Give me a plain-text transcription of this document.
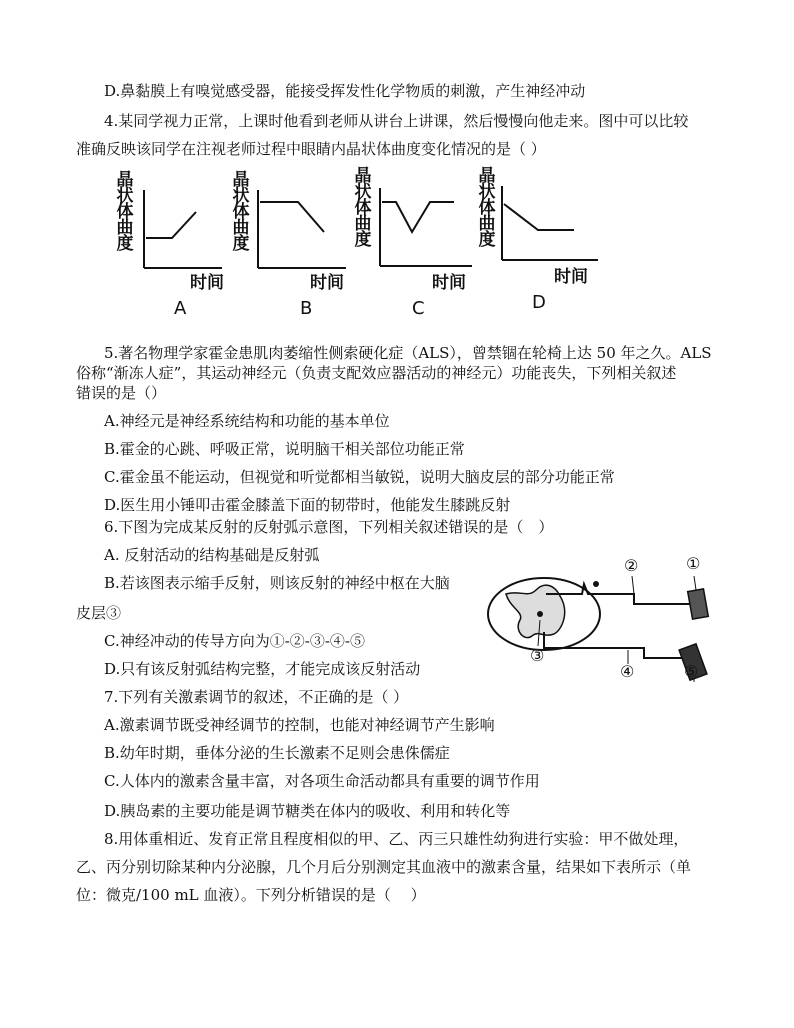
D.鼻黏膜上有嗅觉感受器，能接受挥发性化学物质的刺激，产生神经冲动
4.某同学视力正常，上课时他看到老师从讲台上讲课，然后慢慢向他走来。图中可以比较
准确反映该同学在注视老师过程中眼睛内晶状体曲度变化情况的是（ ）
晶
状
体
曲
度
时间
A
晶
状
体
曲
度
时间
B
晶
状
体
曲
度
时间
C
晶
状
体
曲
度
时间
D
5.著名物理学家霍金患肌肉萎缩性侧索硬化症（ALS），曾禁锢在轮椅上达 50 年之久。ALS
俗称“渐冻人症”，其运动神经元（负责支配效应器活动的神经元）功能丧失，下列相关叙述
错误的是（）
A.神经元是神经系统结构和功能的基本单位
B.霍金的心跳、呼吸正常，说明脑干相关部位功能正常
C.霍金虽不能运动，但视觉和听觉都相当敏锐，说明大脑皮层的部分功能正常
D.医生用小锤叩击霍金膝盖下面的韧带时，他能发生膝跳反射
6.下图为完成某反射的反射弧示意图，下列相关叙述错误的是（　）
A. 反射活动的结构基础是反射弧
B.若该图表示缩手反射，则该反射的神经中枢在大脑
皮层③
C.神经冲动的传导方向为①-②-③-④-⑤
D.只有该反射弧结构完整，才能完成该反射活动
①
②
③
④	⑤
7.下列有关激素调节的叙述，不正确的是（ ）
A.激素调节既受神经调节的控制，也能对神经调节产生影响
B.幼年时期，垂体分泌的生长激素不足则会患侏儒症
C.人体内的激素含量丰富，对各项生命活动都具有重要的调节作用
D.胰岛素的主要功能是调节糖类在体内的吸收、利用和转化等
8.用体重相近、发育正常且程度相似的甲、乙、丙三只雄性幼狗进行实验：甲不做处理，
乙、丙分别切除某种内分泌腺，几个月后分别测定其血液中的激素含量，结果如下表所示（单
位：微克/100 mL 血液）。下列分析错误的是（　 ）
